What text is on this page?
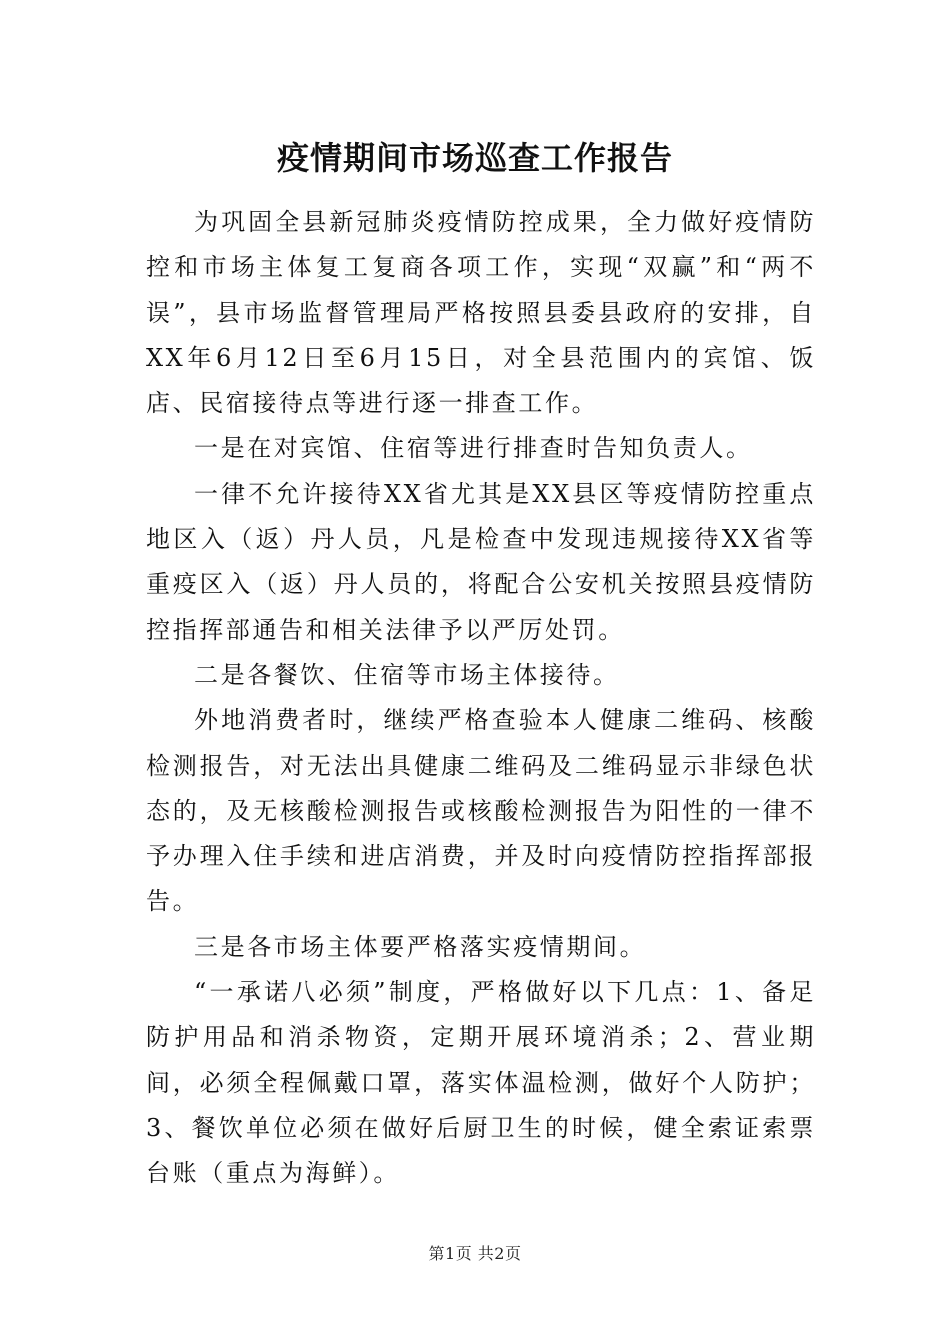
疫情期间市场巡查工作报告

为巩固全县新冠肺炎疫情防控成果，全力做好疫情防控和市场主体复工复商各项工作，实现“双赢”和“两不误”，县市场监督管理局严格按照县委县政府的安排，自XX年6月12日至6月15日，对全县范围内的宾馆、饭店、民宿接待点等进行逐一排查工作。

一是在对宾馆、住宿等进行排查时告知负责人。

一律不允许接待XX省尤其是XX县区等疫情防控重点地区入（返）丹人员，凡是检查中发现违规接待XX省等重疫区入（返）丹人员的，将配合公安机关按照县疫情防控指挥部通告和相关法律予以严厉处罚。

二是各餐饮、住宿等市场主体接待。

外地消费者时，继续严格查验本人健康二维码、核酸检测报告，对无法出具健康二维码及二维码显示非绿色状态的，及无核酸检测报告或核酸检测报告为阳性的一律不予办理入住手续和进店消费，并及时向疫情防控指挥部报告。

三是各市场主体要严格落实疫情期间。

“一承诺八必须”制度，严格做好以下几点：1、备足防护用品和消杀物资，定期开展环境消杀；2、营业期间，必须全程佩戴口罩，落实体温检测，做好个人防护；3、餐饮单位必须在做好后厨卫生的时候，健全索证索票台账（重点为海鲜）。

第1页 共2页
